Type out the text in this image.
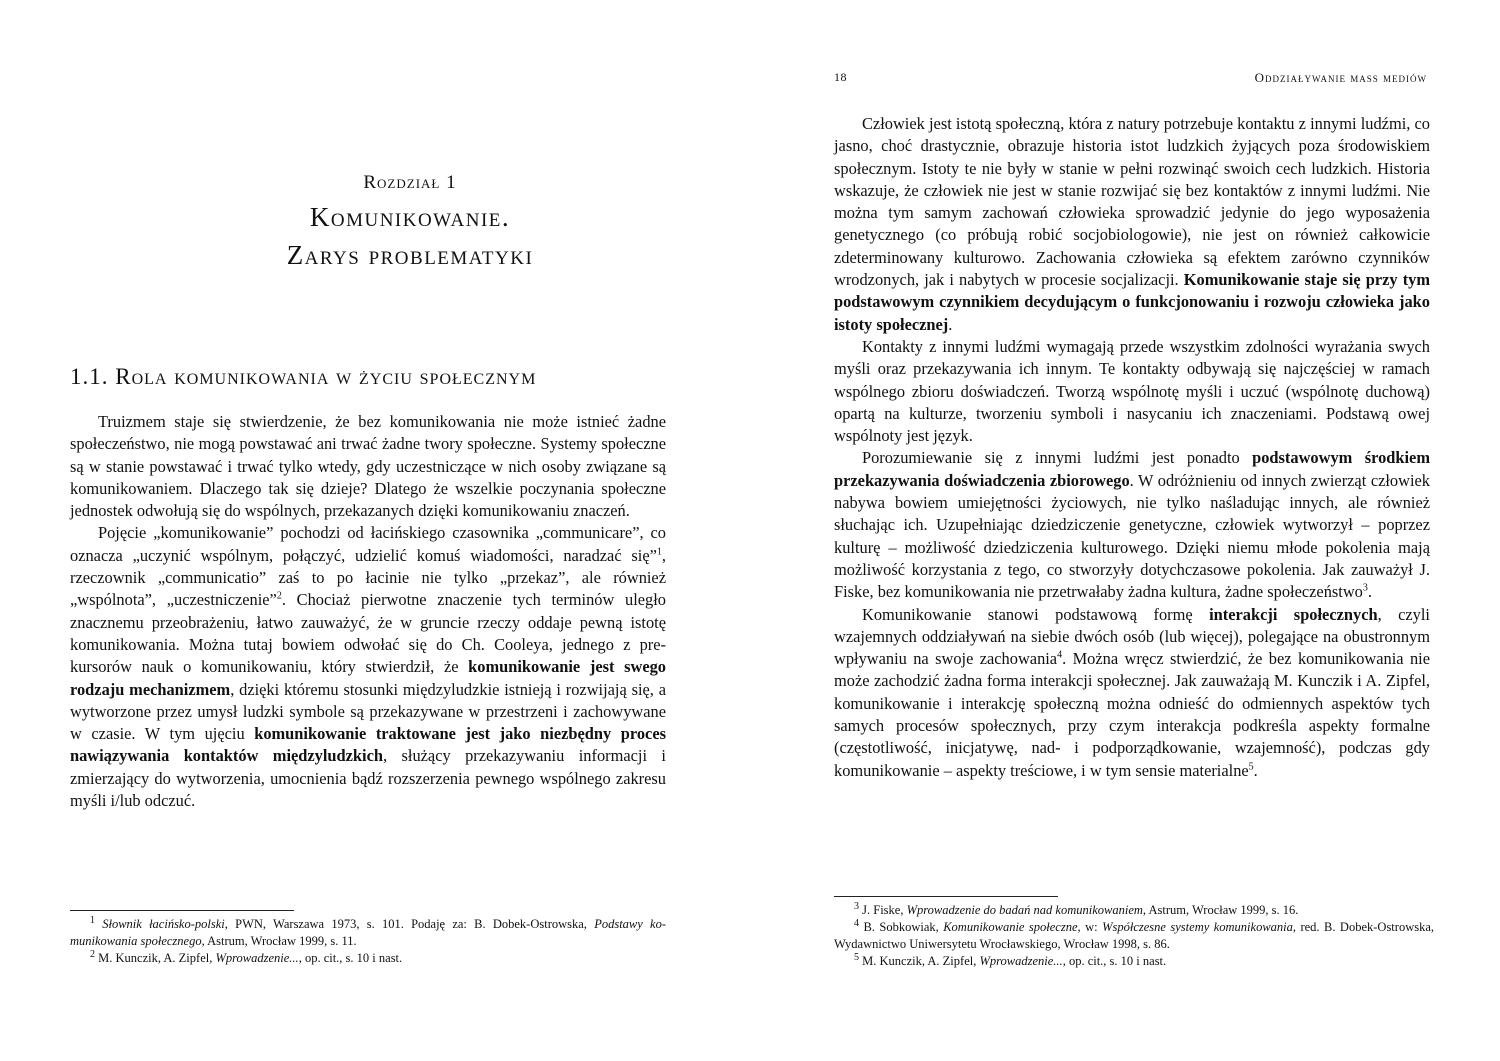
Rozdział 1
Komunikowanie.
Zarys problematyki
1.1. Rola komunikowania w życiu społecznym

Truizmem staje się stwierdzenie, że bez komunikowania nie może istnieć żadne społeczeństwo, nie mogą powstawać ani trwać żadne twory społeczne. Systemy społeczne są w stanie powstawać i trwać tylko wtedy, gdy uczestniczące w nich osoby związane są komunikowaniem. Dlaczego tak się dzieje? Dlatego że wszelkie poczynania społeczne jednostek odwołują się do wspólnych, przekazanych dzięki komunikowaniu znaczeń.

Pojęcie „komunikowanie” pochodzi od łacińskiego czasownika „communicare”, co oznacza „uczynić wspólnym, połączyć, udzielić komuś wiadomości, naradzać się”$^1$, rzeczownik „communicatio” zaś to po łacinie nie tylko „przekaz”, ale również „wspólnota”, „uczestniczenie”$^2$. Chociaż pierwotne znaczenie tych terminów uległo znacznemu przeobrażeniu, łatwo zauważyć, że w gruncie rzeczy oddaje pewną istotę komunikowania. Można tutaj bowiem odwołać się do Ch. Cooleya, jednego z prekursorów nauk o komunikowaniu, który stwierdził, że komunikowanie jest swego rodzaju mechanizmem, dzięki któremu stosunki międzyludzkie istnieją i rozwijają się, a wytworzone przez umysł ludzki symbole są przekazywane w przestrzeni i zachowywane w czasie. W tym ujęciu komunikowanie traktowane jest jako niezbędny proces nawiązywania kontaktów międzyludzkich, służący przekazywaniu informacji i zmierzający do wytworzenia, umocnienia bądź rozszerzenia pewnego wspólnego zakresu myśli i/lub odczuć.

$^1$ Słownik łacińsko-polski, PWN, Warszawa 1973, s. 101. Podaję za: B. Dobek-Ostrowska, Podstawy komunikowania społecznego, Astrum, Wrocław 1999, s. 11.

$^2$ M. Kunczik, A. Zipfel, Wprowadzenie..., op. cit., s. 10 i nast.

18	Oddziaływanie mass mediów

Człowiek jest istotą społeczną, która z natury potrzebuje kontaktu z innymi ludźmi, co jasno, choć drastycznie, obrazuje historia istot ludzkich żyjących poza środowiskiem społecznym. Istoty te nie były w stanie w pełni rozwinąć swoich cech ludzkich. Historia wskazuje, że człowiek nie jest w stanie rozwijać się bez kontaktów z innymi ludźmi. Nie można tym samym zachowań człowieka sprowadzić jedynie do jego wyposażenia genetycznego (co próbują robić socjobiologowie), nie jest on również całkowicie zdeterminowany kulturowo. Zachowania człowieka są efektem zarówno czynników wrodzonych, jak i nabytych w procesie socjalizacji. Komunikowanie staje się przy tym podstawowym czynnikiem decydującym o funkcjonowaniu i rozwoju człowieka jako istoty społecznej.

Kontakty z innymi ludźmi wymagają przede wszystkim zdolności wyrażania swych myśli oraz przekazywania ich innym. Te kontakty odbywają się najczęściej w ramach wspólnego zbioru doświadczeń. Tworzą wspólnotę myśli i uczuć (wspólnotę duchową) opartą na kulturze, tworzeniu symboli i nasycaniu ich znaczeniami. Podstawą owej wspólnoty jest język.

Porozumiewanie się z innymi ludźmi jest ponadto podstawowym środkiem przekazywania doświadczenia zbiorowego. W odróżnieniu od innych zwierząt człowiek nabywa bowiem umiejętności życiowych, nie tylko naśladując innych, ale również słuchając ich. Uzupełniając dziedziczenie genetyczne, człowiek wytworzył – poprzez kulturę – możliwość dziedziczenia kulturowego. Dzięki niemu młode pokolenia mają możliwość korzystania z tego, co stworzyły dotychczasowe pokolenia. Jak zauważył J. Fiske, bez komunikowania nie przetrwałaby żadna kultura, żadne społeczeństwo$^3$.

Komunikowanie stanowi podstawową formę interakcji społecznych, czyli wzajemnych oddziaływań na siebie dwóch osób (lub więcej), polegające na obustronnym wpływaniu na swoje zachowania$^4$. Można wręcz stwierdzić, że bez komunikowania nie może zachodzić żadna forma interakcji społecznej. Jak zauważają M. Kunczik i A. Zipfel, komunikowanie i interakcję społeczną można odnieść do odmiennych aspektów tych samych procesów społecznych, przy czym interakcja podkreśla aspekty formalne (częstotliwość, inicjatywę, nad- i podporządkowanie, wzajemność), podczas gdy komunikowanie – aspekty treściowe, i w tym sensie materialne$^5$.

$^3$ J. Fiske, Wprowadzenie do badań nad komunikowaniem, Astrum, Wrocław 1999, s. 16.

$^4$ B. Sobkowiak, Komunikowanie społeczne, w: Współczesne systemy komunikowania, red. B. Dobek-Ostrowska, Wydawnictwo Uniwersytetu Wrocławskiego, Wrocław 1998, s. 86.

$^5$ M. Kunczik, A. Zipfel, Wprowadzenie..., op. cit., s. 10 i nast.
